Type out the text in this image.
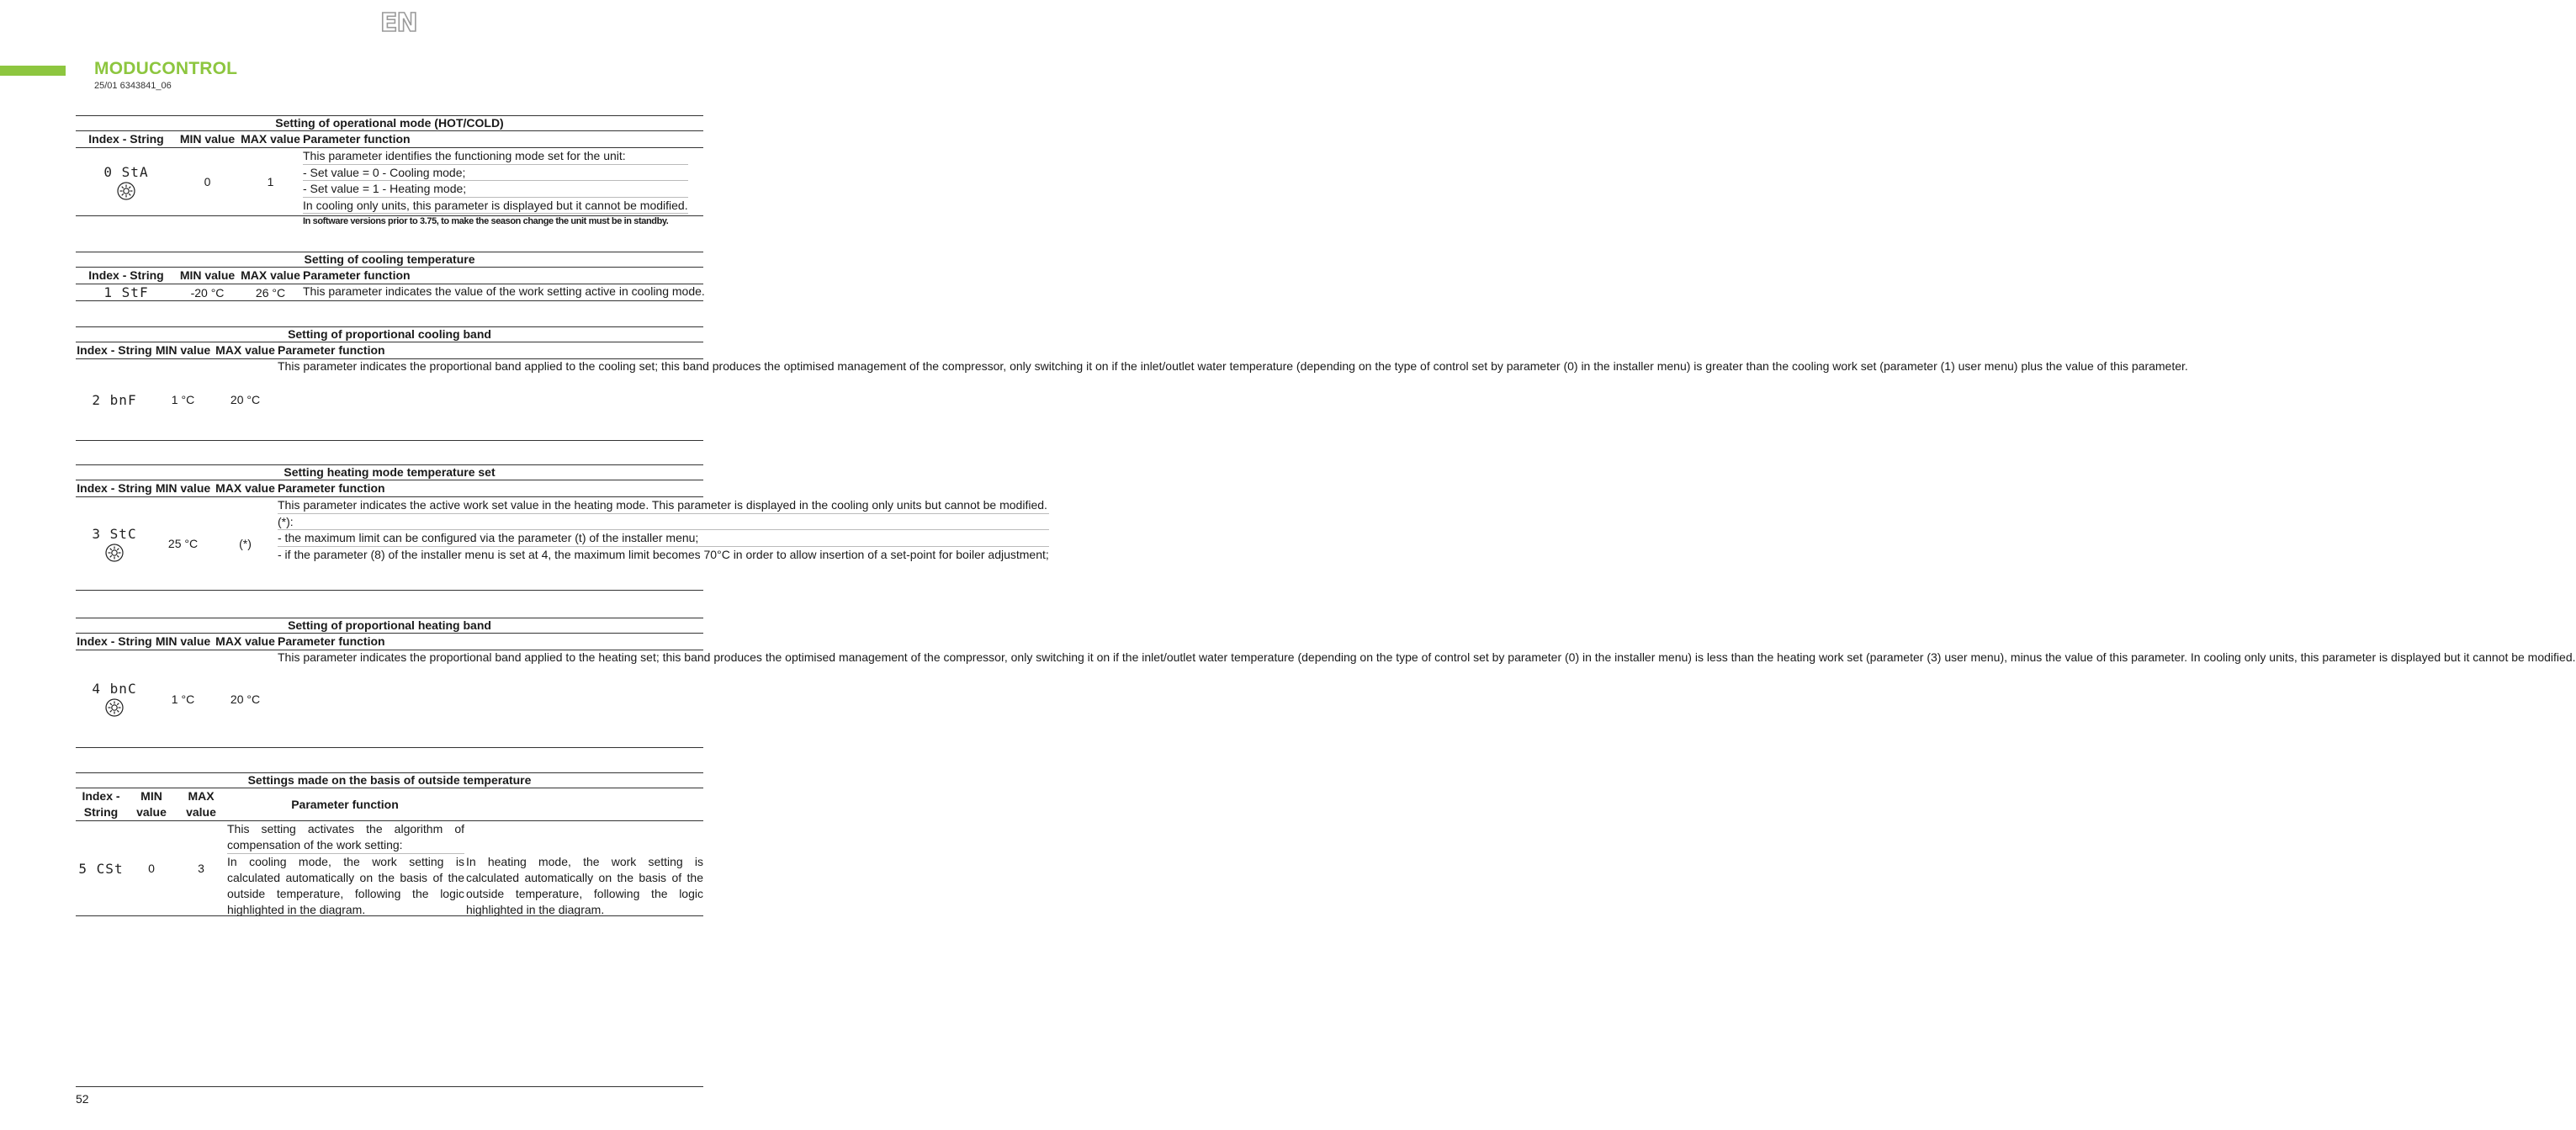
EN
MODUCONTROL
25/01 6343841_06
Setting of operational mode (HOT/COLD)
Index - String	MIN value MAX value Parameter function
0 StA
0	1
This parameter identifies the functioning mode set for the unit:
- Set value = 0 - Cooling mode;
- Set value = 1 - Heating mode;
In cooling only units, this parameter is displayed but it cannot be modified.
In software versions prior to 3.75, to make the season change the unit must be in standby.
Setting of cooling temperature
Index - String	MIN value MAX value Parameter function
1 StF	-20 °C	26 °C	This parameter indicates the value of the work setting active in cooling mode.
Setting of proportional cooling band
Index - String MIN value MAX value Parameter function
2 bnF	1 °C	20 °C
This parameter indicates the proportional band applied to the cooling set; this band produces the optimised management of the compressor, only switching it on if the inlet/outlet water temperature (depending on the type of control set by parameter (0) in the installer menu) is greater than the cooling work set (parameter (1) user menu) plus the value of this parameter.
Setting heating mode temperature set
Index - String MIN value MAX value Parameter function
3 StC
25 °C	(*)
This parameter indicates the active work set value in the heating mode. This parameter is displayed in the cooling only units but cannot be modified.
(*):
- the maximum limit can be configured via the parameter (t) of the installer menu;
- if the parameter (8) of the installer menu is set at 4, the maximum limit becomes 70°C in order to allow insertion of a set-point for boiler adjustment;
Setting of proportional heating band
Index - String MIN value MAX value Parameter function
4 bnC
1 °C	20 °C
This parameter indicates the proportional band applied to the heating set; this band produces the optimised management of the compressor, only switching it on if the inlet/outlet water temperature (depending on the type of control set by parameter (0) in the installer menu) is less than the heating work set (parameter (3) user menu), minus the value of this parameter. In cooling only units, this parameter is displayed but it cannot be modified.
Settings made on the basis of outside temperature
Index - String
MIN value
MAX value
Parameter function
5 CSt	0	3
This setting activates the algorithm of compensation of the work setting:
In cooling mode, the work setting is calculated automatically on the basis of the outside temperature, following the logic highlighted in the diagram.
In heating mode, the work setting is calculated automatically on the basis of the outside temperature, following the logic highlighted in the diagram.
52
